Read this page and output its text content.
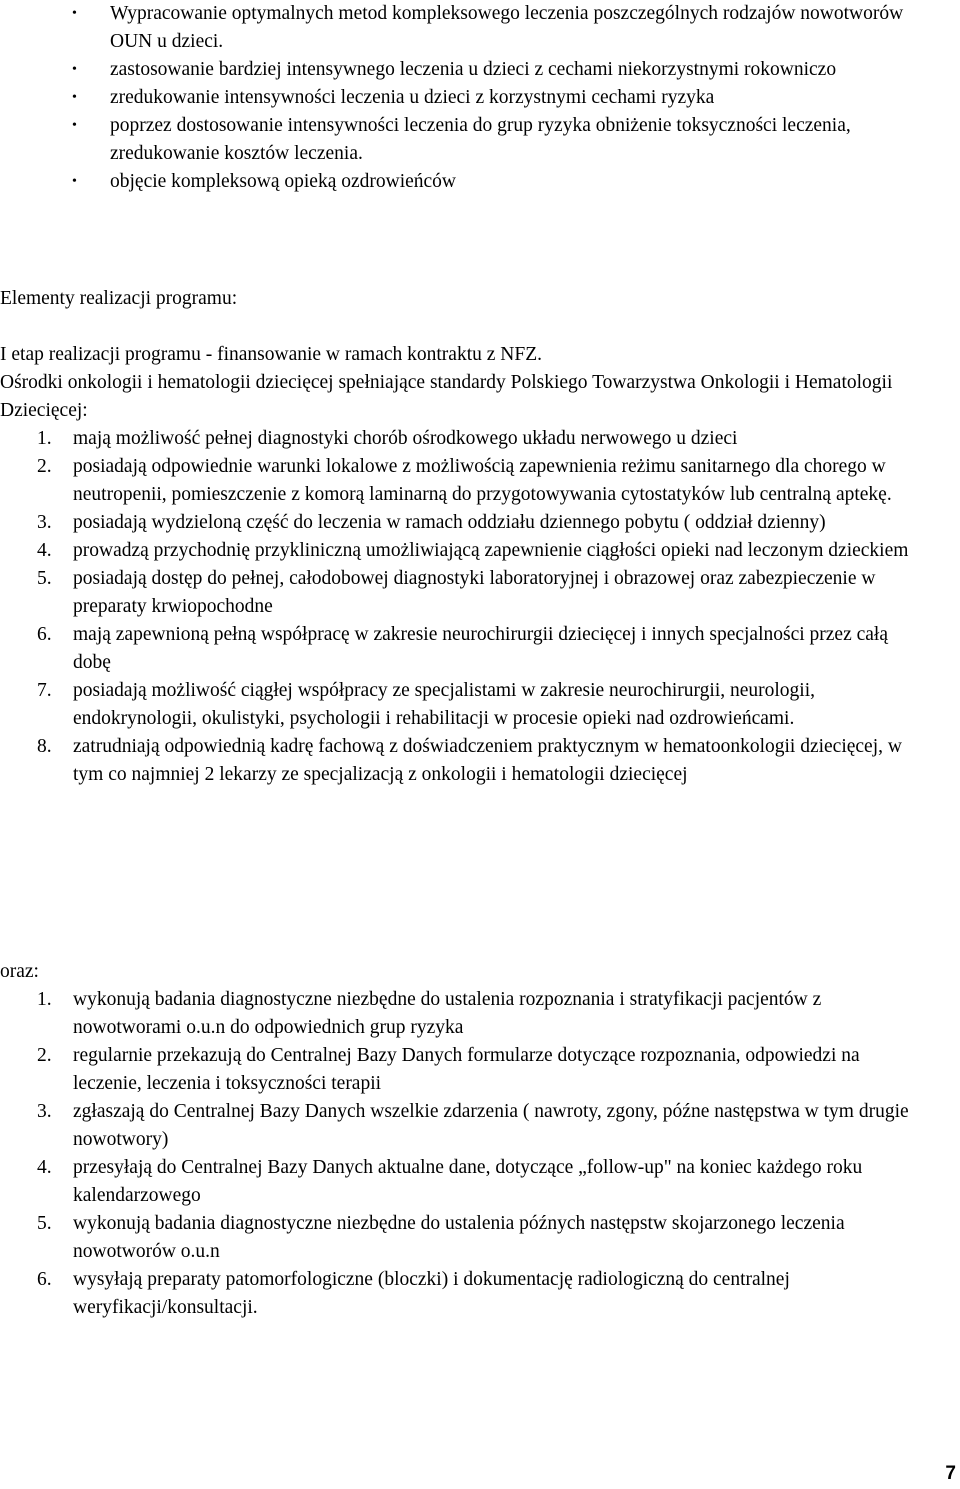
• Wypracowanie optymalnych metod kompleksowego leczenia poszczególnych rodzajów nowotworów OUN u dzieci.
• zastosowanie bardziej intensywnego leczenia u dzieci z cechami niekorzystnymi rokowniczo
• zredukowanie intensywności leczenia u dzieci z korzystnymi cechami ryzyka
• poprzez dostosowanie intensywności leczenia do grup ryzyka obniżenie toksyczności leczenia, zredukowanie kosztów leczenia.
• objęcie kompleksową opieką ozdrowieńców

Elementy realizacji programu:

I etap realizacji programu - finansowanie w ramach kontraktu z NFZ.

Ośrodki onkologii i hematologii dziecięcej spełniające standardy Polskiego Towarzystwa Onkologii i Hematologii Dziecięcej:

1. mają możliwość pełnej diagnostyki chorób ośrodkowego układu nerwowego u dzieci
2. posiadają odpowiednie warunki lokalowe z możliwością zapewnienia reżimu sanitarnego dla chorego w neutropenii, pomieszczenie z komorą laminarną do przygotowywania cytostatyków lub centralną aptekę.
3. posiadają wydzieloną część do leczenia w ramach oddziału dziennego pobytu ( oddział dzienny)
4. prowadzą przychodnię przykliniczną umożliwiającą zapewnienie ciągłości opieki nad leczonym dzieckiem
5. posiadają dostęp do pełnej, całodobowej diagnostyki laboratoryjnej i obrazowej oraz zabezpieczenie w preparaty krwiopochodne
6. mają zapewnioną pełną współpracę w zakresie neurochirurgii dziecięcej i innych specjalności przez całą dobę
7. posiadają możliwość ciągłej współpracy ze specjalistami w zakresie neurochirurgii, neurologii, endokrynologii, okulistyki, psychologii i rehabilitacji w procesie opieki nad ozdrowieńcami.
8. zatrudniają odpowiednią kadrę fachową z doświadczeniem praktycznym w hematoonkologii dziecięcej, w tym co najmniej 2 lekarzy ze specjalizacją z onkologii i hematologii dziecięcej

oraz:

1. wykonują badania diagnostyczne niezbędne do ustalenia rozpoznania i stratyfikacji pacjentów z nowotworami o.u.n do odpowiednich grup ryzyka
2. regularnie przekazują do Centralnej Bazy Danych formularze dotyczące rozpoznania, odpowiedzi na leczenie, leczenia i toksyczności terapii
3. zgłaszają do Centralnej Bazy Danych wszelkie zdarzenia ( nawroty, zgony, późne następstwa w tym drugie nowotwory)
4. przesyłają do Centralnej Bazy Danych aktualne dane, dotyczące „follow-up" na koniec każdego roku kalendarzowego
5. wykonują badania diagnostyczne niezbędne do ustalenia późnych następstw skojarzonego leczenia nowotworów o.u.n
6. wysyłają preparaty patomorfologiczne (bloczki) i dokumentację radiologiczną do centralnej weryfikacji/konsultacji.
7
